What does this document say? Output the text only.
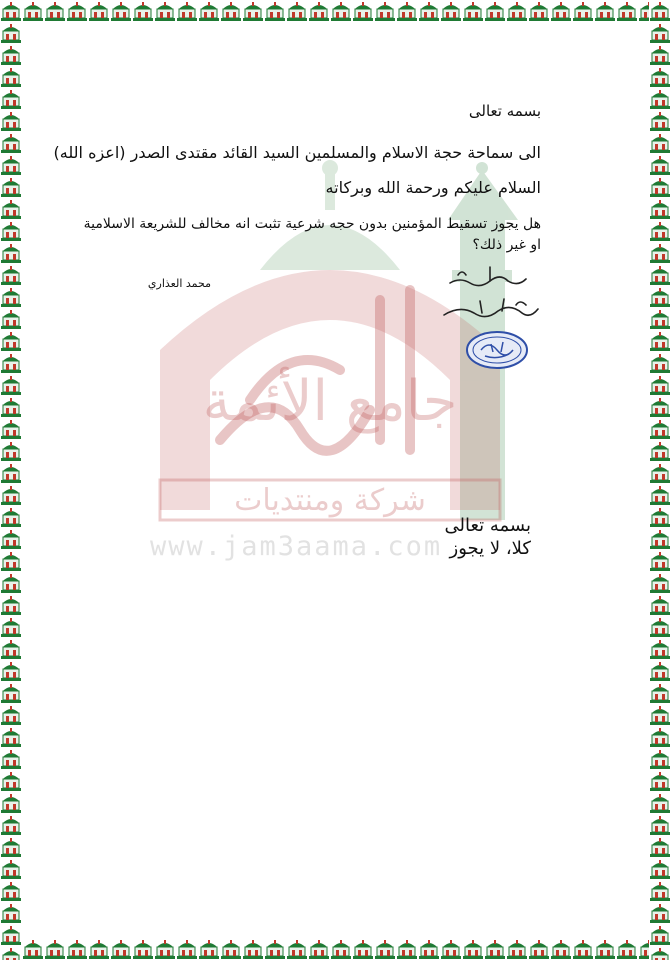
شركة ومنتديات
جامع الأئمة
www.jam3aama.com
بسمه تعالى
الى سماحة حجة الاسلام والمسلمين السيد القائد مقتدى الصدر (اعزه الله)
السلام عليكم ورحمة الله وبركاته
هل يجوز تسقيط المؤمنين بدون حجه شرعية تثبت انه مخالف للشريعة الاسلامية
او غير ذلك؟
محمد العذاري
بسمه تعالى
كلا، لا يجوز
